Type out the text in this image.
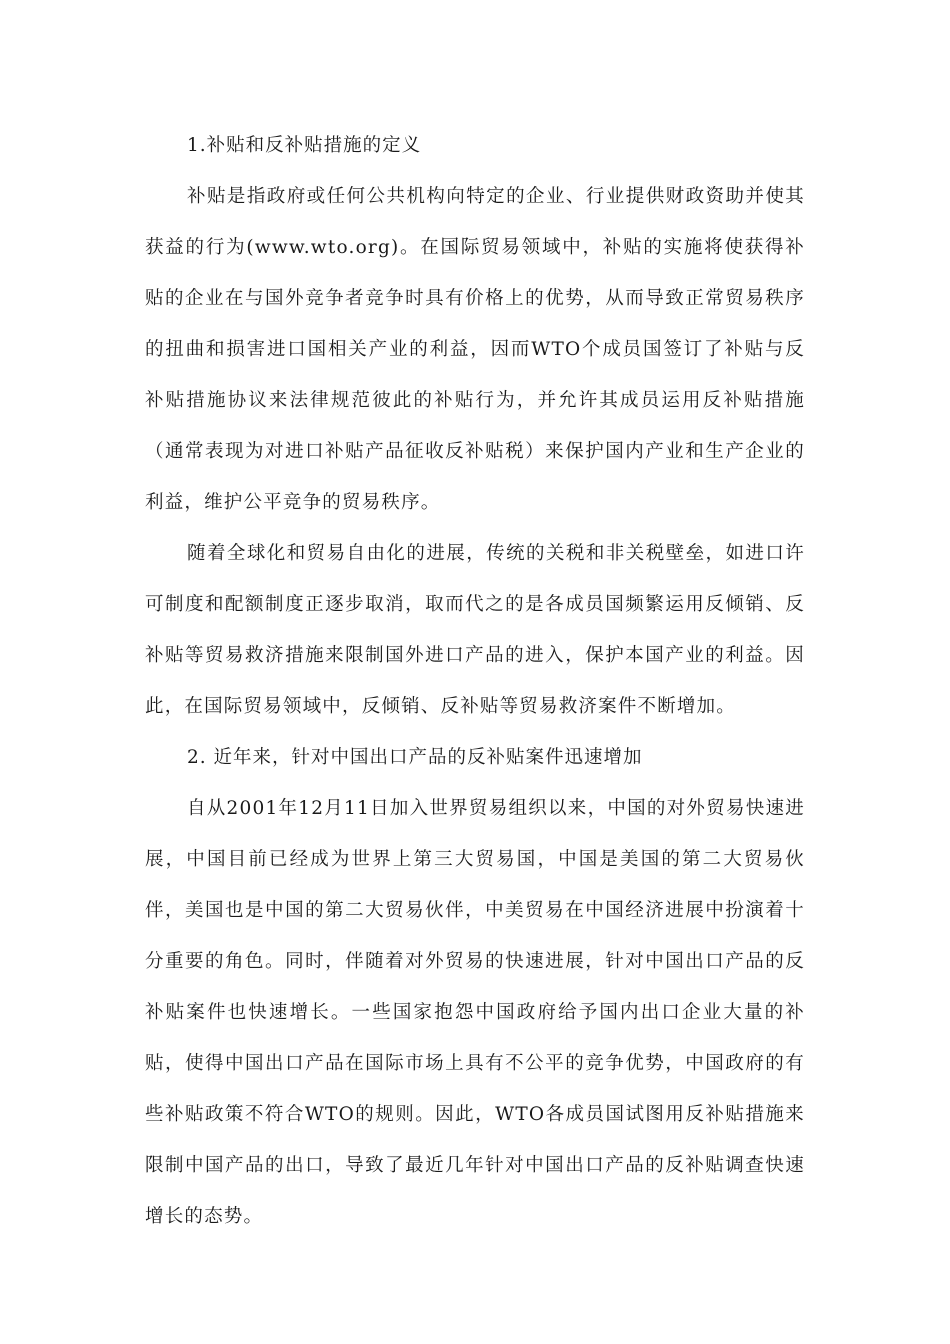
1.补贴和反补贴措施的定义

补贴是指政府或任何公共机构向特定的企业、行业提供财政资助并使其获益的行为(www.wto.org)。在国际贸易领域中，补贴的实施将使获得补贴的企业在与国外竞争者竞争时具有价格上的优势，从而导致正常贸易秩序的扭曲和损害进口国相关产业的利益，因而WTO个成员国签订了补贴与反补贴措施协议来法律规范彼此的补贴行为，并允许其成员运用反补贴措施（通常表现为对进口补贴产品征收反补贴税）来保护国内产业和生产企业的利益，维护公平竞争的贸易秩序。

随着全球化和贸易自由化的进展，传统的关税和非关税壁垒，如进口许可制度和配额制度正逐步取消，取而代之的是各成员国频繁运用反倾销、反补贴等贸易救济措施来限制国外进口产品的进入，保护本国产业的利益。因此，在国际贸易领域中，反倾销、反补贴等贸易救济案件不断增加。

2. 近年来，针对中国出口产品的反补贴案件迅速增加

自从2001年12月11日加入世界贸易组织以来，中国的对外贸易快速进展，中国目前已经成为世界上第三大贸易国，中国是美国的第二大贸易伙伴，美国也是中国的第二大贸易伙伴，中美贸易在中国经济进展中扮演着十分重要的角色。同时，伴随着对外贸易的快速进展，针对中国出口产品的反补贴案件也快速增长。一些国家抱怨中国政府给予国内出口企业大量的补贴，使得中国出口产品在国际市场上具有不公平的竞争优势，中国政府的有些补贴政策不符合WTO的规则。因此，WTO各成员国试图用反补贴措施来限制中国产品的出口，导致了最近几年针对中国出口产品的反补贴调查快速增长的态势。
